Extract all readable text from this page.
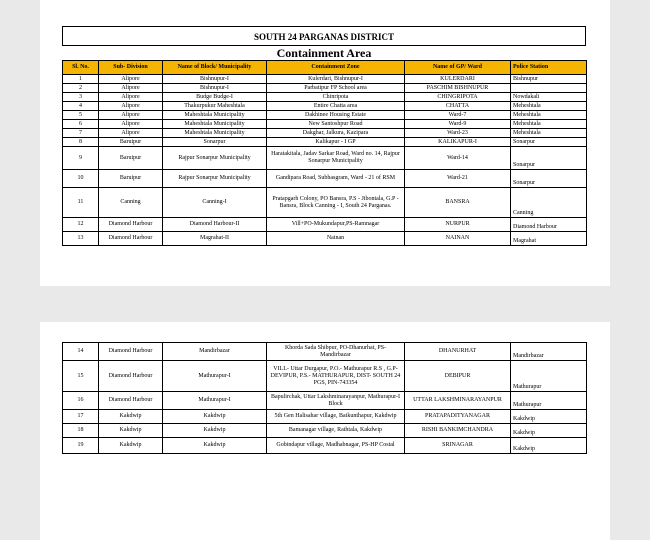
SOUTH 24 PARGANAS DISTRICT
Containment Area
Sl. No.	Sub- Division	Name of Block/ Municipality	Containment Zone	Name of GP/ Ward	Police Station
1	Alipore	Bishnupur-I	Kulerdari, Bishnupur-I	KULERDARI	Bishnupur
2	Alipore	Bishnupur-I	Parbatipur FP School area	PASCHIM BISHNUPUR	
3	Alipore	Budge Budge-I	Chinripota	CHINGRIPOTA	Nowdakali
4	Alipore	Thakurpukur Maheshtala	Entire Chatta area	CHATTA	Meheshtala
5	Alipore	Maheshtala Municipality	Dakhinee Housing Estate	Ward-7	Meheshtala
6	Alipore	Maheshtala Municipality	New Santoshpur Road	Ward-9	Meheshtala
7	Alipore	Maheshtala Municipality	Dakghar, Jalkura, Kazipara	Ward-23	Meheshtala
8	Baruipur	Sonarpur	Kalikapur - I GP	KALIKAPUR-I	Sonarpur
9	Baruipur	Rajpur Sonarpur Municipality	Haratakitala, Jadav Sarkar Road, Ward no. 14, Rajpur Sonarpur Municipality	Ward-14	Sonarpur
10	Baruipur	Rajpur Sonarpur Municipality	Gandipara Road, Subhasgram, Ward - 21 of RSM	Ward-21	Sonarpur
11	Canning	Canning-I	Pratapgarh Colony, PO Bansra, P.S - Jibontala, G.P - Bansra, Block Canning - I, South 24 Parganas.	BANSRA	Canning
12	Diamond Harbour	Diamond Harbour-II	Vill+PO-Mukundapur,PS-Ramnagar	NURPUR	Diamond Harbour
13	Diamond Harbour	Magrahat-II	Nainan	NAINAN	Magrahat
14	Diamond Harbour	Mandirbazar	Khorda Sada Shibpur, PO-Dhanurhat, PS- Mandirbazar	DHANURHAT	Mandirbazar
15	Diamond Harbour	Mathurapur-I	VILL- Uttar Durgapur, P.O.- Mathurapur R.S , G.P-DEVIPUR, P.S.- MATHURAPUR, DIST- SOUTH 24 PGS, PIN-743354	DEBIPUR	Mathurapur
16	Diamond Harbour	Mathurapur-I	Bapulirchak, Uttar Lakshminarayanpur, Mathurapur-I Block	UTTAR LAKSHMINARAYANPUR	Mathurapur
17	Kakdwip	Kakdwip	5th Gen Halisahar village, Baikunthapur, Kakdwip	PRATAPADITYANAGAR	Kakdwip
18	Kakdwip	Kakdwip	Bamanagar village, Rathtala, Kakdwip	RISHI BANKIMCHANDRA	Kakdwip
19	Kakdwip	Kakdwip	Gobindapur village, Madhabnagar, PS-HP Costal	SRINAGAR	Kakdwip
